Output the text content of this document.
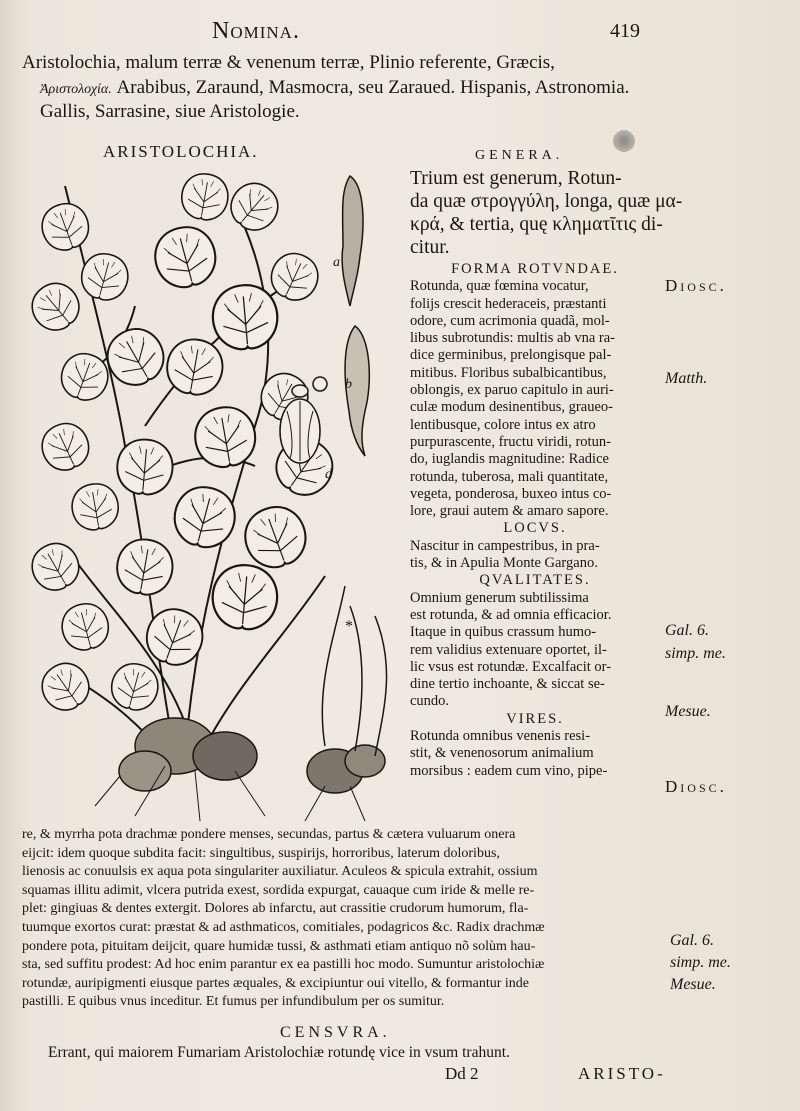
Nomina.	419
Aristolochia, malum terræ & venenum terræ, Plinio referente, Græcis,
Ἀριστολοχία. Arabibus, Zaraund, Masmocra, seu Zaraued. Hispanis, Astronomia.
Gallis, Sarrasine, siue Aristologie.
ARISTOLOCHIA.
a
b
d
*
GENERA.
Trium est generum, Rotun-
da quæ στρογγύλη, longa, quæ μα-
κρά, & tertia, quę κληματῖτις di-
citur.

FORMA ROTVNDAE.

Rotunda, quæ fœmina vocatur,

folijs crescit hederaceis, præstanti

odore, cum acrimonia quadã, mol-

libus subrotundis: multis ab vna ra-

dice germinibus, prelongisque pal-

mitibus. Floribus subalbicantibus,

oblongis, ex paruo capitulo in auri-

culæ modum desinentibus, graueo-

lentibusque, colore intus ex atro

purpurascente, fructu viridi, rotun-

do, iuglandis magnitudine: Radice

rotunda, tuberosa, mali quantitate,

vegeta, ponderosa, buxeo intus co-

lore, graui autem & amaro sapore.

LOCVS.

Nascitur in campestribus, in pra-

tis, & in Apulia Monte Gargano.

QVALITATES.

Omnium generum subtilissima

est rotunda, & ad omnia efficacior.

Itaque in quibus crassum humo-

rem validius extenuare oportet, il-

lic vsus est rotundæ. Excalfacit or-

dine tertio inchoante, & siccat se-

cundo.

VIRES.

Rotunda omnibus venenis resi-

stit, & venenosorum animalium

morsibus : eadem cum vino, pipe-

Diosc.
Matth.
Gal. 6.
simp. me.
Mesue.
Diosc.
Gal. 6.
simp. me.
Mesue.

re, & myrrha pota drachmæ pondere menses, secundas, partus & cætera vuluarum onera

eijcit: idem quoque subdita facit: singultibus, suspirijs, horroribus, laterum doloribus,

lienosis ac conuulsis ex aqua pota singulariter auxiliatur. Aculeos & spicula extrahit, ossium

squamas illitu adimit, vlcera putrida exest, sordida expurgat, cauaque cum iride & melle re-

plet: gingiuas & dentes extergit. Dolores ab infarctu, aut crassitie crudorum humorum, fla-

tuumque exortos curat: præstat & ad asthmaticos, comitiales, podagricos &c. Radix drachmæ

pondere pota, pituitam deijcit, quare humidæ tussi, & asthmati etiam antiquo nõ solùm hau-

sta, sed suffitu prodest: Ad hoc enim parantur ex ea pastilli hoc modo. Sumuntur aristolochiæ

rotundæ, auripigmenti eiusque partes æquales, & excipiuntur oui vitello, & formantur inde

pastilli. E quibus vnus inceditur. Et fumus per infundibulum per os sumitur.

CENSVRA.
Errant, qui maiorem Fumariam Aristolochiæ rotundę vice in vsum trahunt.
Dd 2	ARISTO-
